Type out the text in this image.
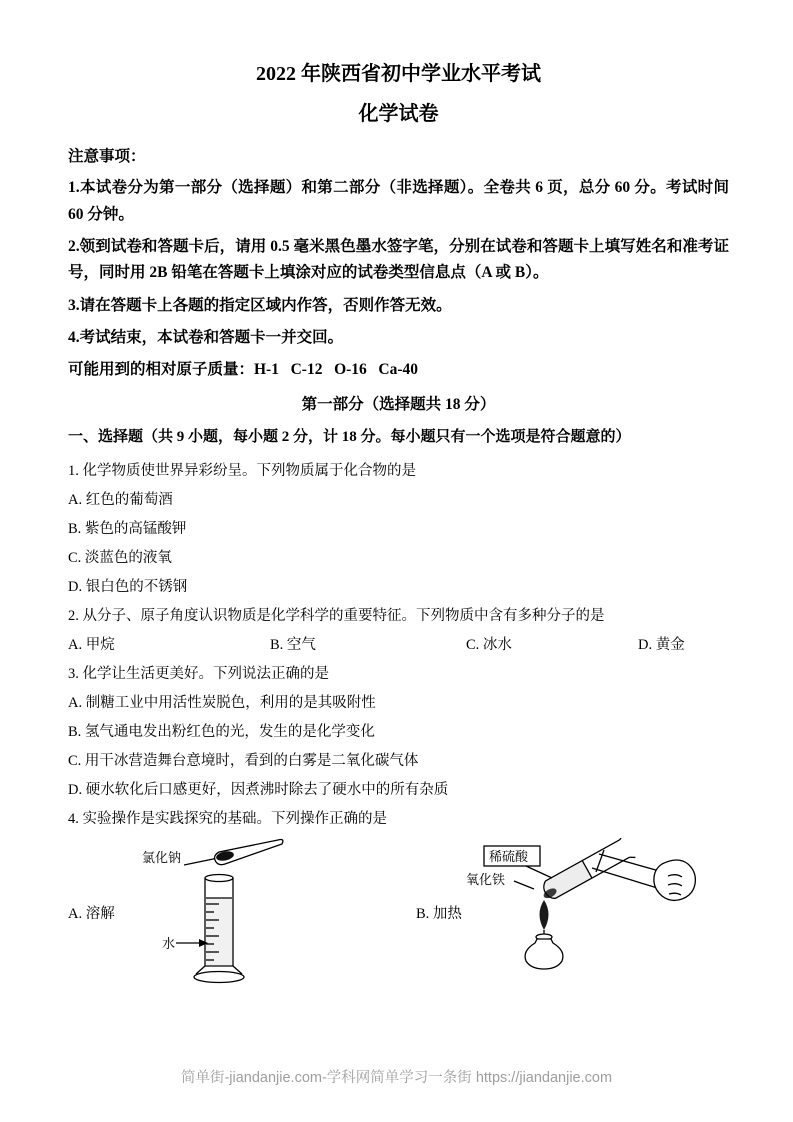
2022 年陕西省初中学业水平考试
化学试卷
注意事项：
1.本试卷分为第一部分（选择题）和第二部分（非选择题）。全卷共 6 页，总分 60 分。考试时间 60 分钟。
2.领到试卷和答题卡后，请用 0.5 毫米黑色墨水签字笔，分别在试卷和答题卡上填写姓名和准考证号，同时用 2B 铅笔在答题卡上填涂对应的试卷类型信息点（A 或 B）。
3.请在答题卡上各题的指定区域内作答，否则作答无效。
4.考试结束，本试卷和答题卡一并交回。
可能用到的相对原子质量：H-1   C-12   O-16   Ca-40
第一部分（选择题共 18 分）
一、选择题（共 9 小题，每小题 2 分，计 18 分。每小题只有一个选项是符合题意的）
1. 化学物质使世界异彩纷呈。下列物质属于化合物的是
A. 红色的葡萄酒
B. 紫色的高锰酸钾
C. 淡蓝色的液氧
D. 银白色的不锈钢
2. 从分子、原子角度认识物质是化学科学的重要特征。下列物质中含有多种分子的是
A. 甲烷	B. 空气	C. 冰水	D. 黄金
3. 化学让生活更美好。下列说法正确的是
A. 制糖工业中用活性炭脱色，利用的是其吸附性
B. 氢气通电发出粉红色的光，发生的是化学变化
C. 用干冰营造舞台意境时，看到的白雾是二氧化碳气体
D. 硬水软化后口感更好，因煮沸时除去了硬水中的所有杂质
4. 实验操作是实践探究的基础。下列操作正确的是
A. 溶解
氯化钠
水
B. 加热
稀硫酸
氧化铁
简单街-jiandanjie.com-学科网简单学习一条街 https://jiandanjie.com
